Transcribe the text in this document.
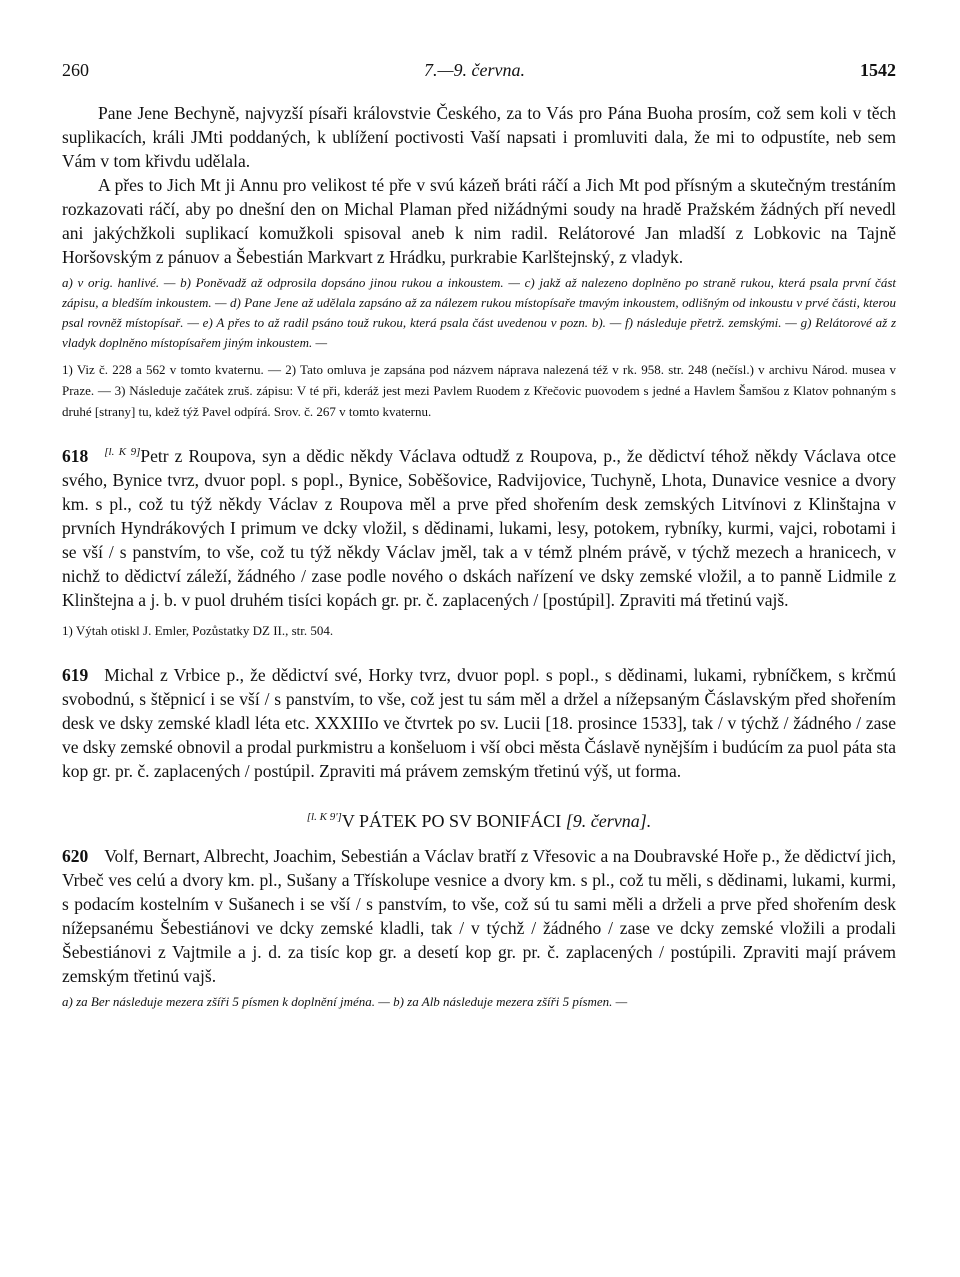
260	7.—9. června.	1542

Pane Jene Bechyně, najvyzší písaři královstvie Českého, za to Vás pro Pána Buoha prosím, což sem koli v těch suplikacích, králi JMti poddaných, k ublížení poctivosti Vaší napsati i promluviti dala, že mi to odpustíte, neb sem Vám v tom křivdu udělala.

A přes to Jich Mt ji Annu pro velikost té pře v svú kázeň bráti ráčí a Jich Mt pod přísným a skutečným trestáním rozkazovati ráčí, aby po dnešní den on Michal Plaman před nižádnými soudy na hradě Pražském žádných pří nevedl ani jakýchžkoli suplikací komužkoli spisoval aneb k nim radil. Relátorové Jan mladší z Lobkovic na Tajně Horšovským z pánuov a Šebestián Markvart z Hrádku, purkrabie Karlštejnský, z vladyk.

a) v orig. hanlivé. — b) Poněvadž až odprosila dopsáno jinou rukou a inkoustem. — c) jakž až nalezeno doplněno po straně rukou, která psala první část zápisu, a bledším inkoustem. — d) Pane Jene až udělala zapsáno až za nálezem rukou místopísaře tmavým inkoustem, odlišným od inkoustu v prvé části, kterou psal rovněž místopísař. — e) A přes to až radil psáno touž rukou, která psala část uvedenou v pozn. b). — f) následuje přetrž. zemskými. — g) Relátorové až z vladyk doplněno místopísařem jiným inkoustem. —

1) Viz č. 228 a 562 v tomto kvaternu. — 2) Tato omluva je zapsána pod názvem náprava nalezená též v rk. 958. str. 248 (nečísl.) v archivu Národ. musea v Praze. — 3) Následuje začátek zruš. zápisu: V té při, kderáž jest mezi Pavlem Ruodem z Křečovic puovodem s jedné a Havlem Šamšou z Klatov pohnaným s druhé [strany] tu, kdež týž Pavel odpírá. Srov. č. 267 v tomto kvaternu.

618 [l. K 9]Petr z Roupova, syn a dědic někdy Václava odtudž z Roupova, p., že dědictví téhož někdy Václava otce svého, Bynice tvrz, dvuor popl. s popl., Bynice, Soběšovice, Radvijovice, Tuchyně, Lhota, Dunavice vesnice a dvory km. s pl., což tu týž někdy Václav z Roupova měl a prve před shořením desk zemských Litvínovi z Klinštajna v prvních Hyndrákových I primum ve dcky vložil, s dědinami, lukami, lesy, potokem, rybníky, kurmi, vajci, robotami i se vší / s panstvím, to vše, což tu týž někdy Václav jměl, tak a v témž plném právě, v týchž mezech a hranicech, v nichž to dědictví záleží, žádného / zase podle nového o dskách nařízení ve dsky zemské vložil, a to panně Lidmile z Klinštejna a j. b. v puol druhém tisíci kopách gr. pr. č. zaplacených / [postúpil]. Zpraviti má třetinú vajš.

1) Výtah otiskl J. Emler, Pozůstatky DZ II., str. 504.

619 Michal z Vrbice p., že dědictví své, Horky tvrz, dvuor popl. s popl., s dědinami, lukami, rybníčkem, s krčmú svobodnú, s štěpnicí i se vší / s panstvím, to vše, což jest tu sám měl a držel a nížepsaným Čáslavským před shořením desk ve dsky zemské kladl léta etc. XXXIIIo ve čtvrtek po sv. Lucii [18. prosince 1533], tak / v týchž / žádného / zase ve dsky zemské obnovil a prodal purkmistru a konšeluom i vší obci města Čáslavě nynějším i budúcím za puol páta sta kop gr. pr. č. zaplacených / postúpil. Zpraviti má právem zemským třetinú výš, ut forma.

[l. K 9']V PÁTEK PO SV BONIFÁCI [9. června].

620 Volf, Bernart, Albrecht, Joachim, Sebestián a Václav bratří z Vřesovic a na Doubravské Hoře p., že dědictví jich, Vrbeč ves celú a dvory km. pl., Sušany a Třískolupe vesnice a dvory km. s pl., což tu měli, s dědinami, lukami, kurmi, s podacím kostelním v Sušanech i se vší / s panstvím, to vše, což sú tu sami měli a drželi a prve před shořením desk nížepsanému Šebestiánovi ve dcky zemské kladli, tak / v týchž / žádného / zase ve dcky zemské vložili a prodali Šebestiánovi z Vajtmile a j. d. za tisíc kop gr. a desetí kop gr. pr. č. zaplacených / postúpili. Zpraviti mají právem zemským třetinú vajš.

a) za Ber následuje mezera zšíři 5 písmen k doplnění jména. — b) za Alb následuje mezera zšíři 5 písmen. —
